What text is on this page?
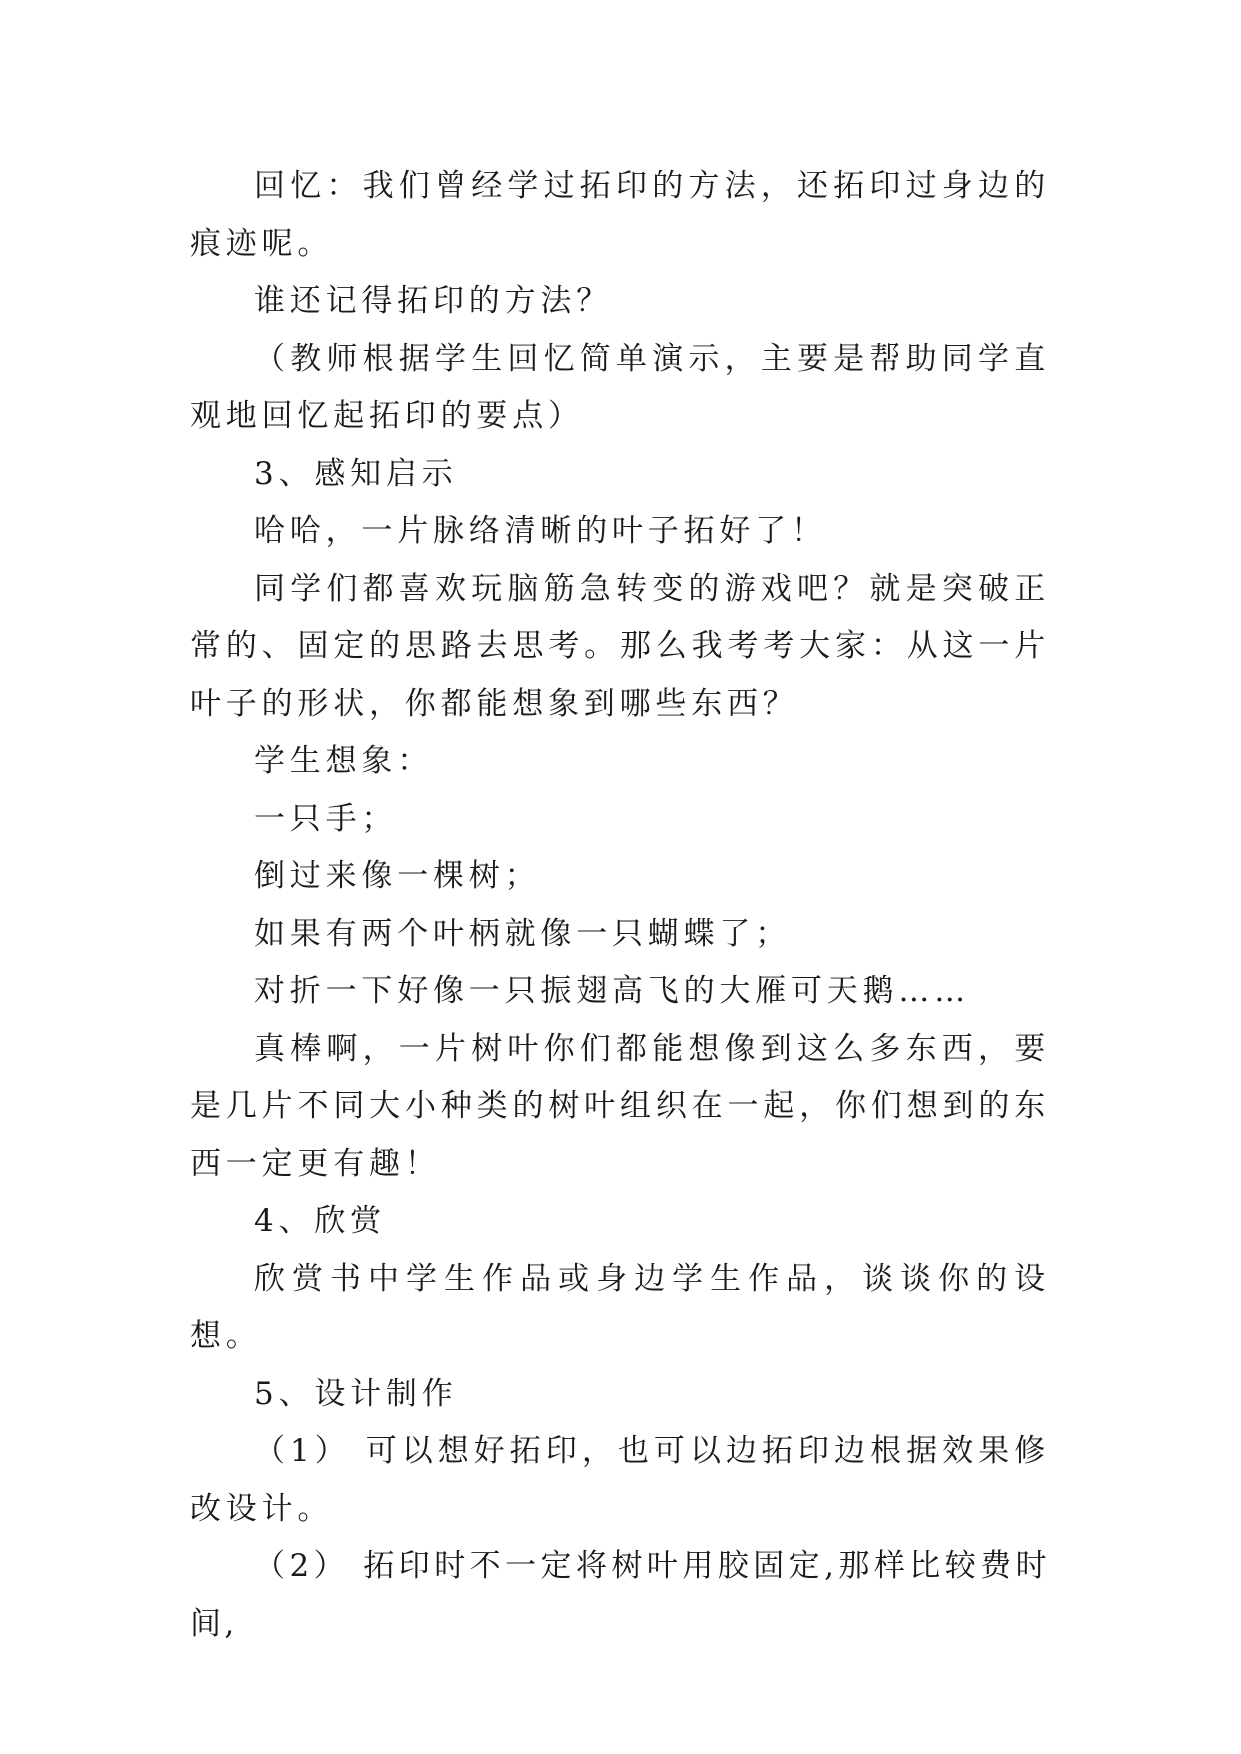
回忆：我们曾经学过拓印的方法，还拓印过身边的痕迹呢。

谁还记得拓印的方法？

（教师根据学生回忆简单演示，主要是帮助同学直观地回忆起拓印的要点）

3、感知启示

哈哈，一片脉络清晰的叶子拓好了！

同学们都喜欢玩脑筋急转变的游戏吧？就是突破正常的、固定的思路去思考。那么我考考大家：从这一片叶子的形状，你都能想象到哪些东西？

学生想象：

一只手；

倒过来像一棵树；

如果有两个叶柄就像一只蝴蝶了；

对折一下好像一只振翅高飞的大雁可天鹅……

真棒啊，一片树叶你们都能想像到这么多东西，要是几片不同大小种类的树叶组织在一起，你们想到的东西一定更有趣！

4、欣赏

欣赏书中学生作品或身边学生作品，谈谈你的设想。

5、设计制作

（1） 可以想好拓印，也可以边拓印边根据效果修改设计。

（2） 拓印时不一定将树叶用胶固定,那样比较费时间,
